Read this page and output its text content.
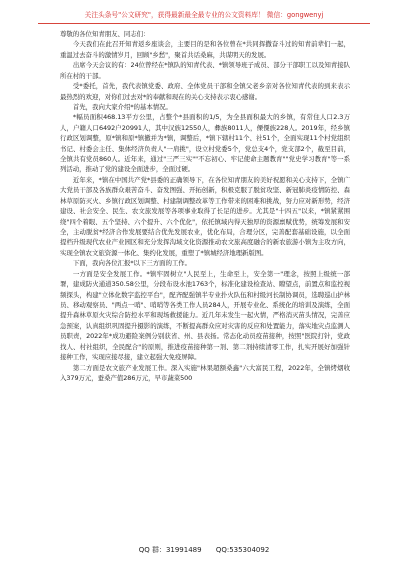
关注头条号"公文研究"，获得最新最全最专业的公文资料库！ 微信：gongwenyj

尊敬的各位知青朋友、同志们：

今天我们在此召开知青返乡座谈会，主要目的是和各位曾在*共同挥撒奋斗过的知青前辈们一起，重温过去奋斗的激情岁月，回顾"乡愁"，聚首共话桑麻，共谋明天的发展。

出席今天会议的有：24位曾经在*镇队的知青代表、*镇领导班子成员、部分干部职工以及知青接队所在村的干部。

受*委托，首先，我代表镇党委、政府、全体党员干部和全镇父老乡亲对各位知青代表的到来表示最热烈的欢迎，对你们过去对*的奉献和现在的关心支持表示衷心感谢。

首先，我向大家介绍*的基本情况。

*幅员面积468.13平方公里，占整个*县面积的1/5，为全县面积最大的乡镇，有常住人口2.3万人，户籍人口6492户20991人，其中汉族12550人，彝族8011人，傈僳族228人。2019年，经乡镇行政区划调整，原*镇和原*镇撤并为*镇，调整后，*镇下辖村11个、社51个，全面实现11个村党组织书记、村委会主任、集体经济负责人"一肩挑"，设立村党委5个，党总支4个，党支部2个，截至目前，全镇共有党员860人。近年来，通过"三严三实""不忘初心、牢记使命主题教育""党史学习教育"等一系列活动，推动了党的建设全面进步，全面过硬。

近年来，*镇在中国共产党*县委的正确领导下，在各位知青朋友的美好祝愿和关心支持下，全镇广大党员干部及各族群众艰苦奋斗、奋发图强、开拓创新，积极克服了脱贫攻坚、新冠肺炎疫情防控、森林草原防灭火、乡镇行政区划调整、村建制调整改革等工作带来的困难和挑战，努力应对新形势，经济建设、社会安全、民生、农文旅发展等各项事业取得了长足的进步。尤其是"十四五"以来，*镇紧紧围绕"四个着眼、五个坚持、六个提升、六个优化"，依托镇域内得天独厚的资源禀赋优势，统筹发展和安全，主动脱贫*经济合作发展要结合优先发展农业，优化布局，合理分区，完善配套基础设施，以全面提档升级现代农业产业园区和充分发挥沟域文化资源推动农文旅高度融合的新农旅游小镇为主攻方向，实现全镇农文旅资源一体化、集约化发展，重塑了*镇城经济地理新版图。

下面，我向各位汇报*以下三方面的工作。

一方面是安全发展工作。*镇牢固树立"人民至上，生命至上，安全第一"理念，按照上级统一部署，建成防火通道350.58公里，分段布设水池1763个，标准化建设检查站、瞭望点，前置点和监控视频探头，构建"立体化数字监控平台"，配齐配强镇半专业扑火队伍和村级河长制协调员，选聘巡山护林员、移动观察员、"两点一哨"、哨哨等各类工作人员284人，开展专业化、系统化的培训及演练，全面提升森林草原火灾综合防控水平和现场救援能力。近几年未发生一起火情，严格消灭苗头情况，完善应急预案，认真组织巩固提升摄影的演练，不断提高群众应对灾害的反应和处置能力，落实地灾点监测人员职责，2022年*成功避险案例分别获省、州、县表扬。常态化动员疫苗接种，按照"医院打针，党政找人、村社组织，全民配合"的原则，推进疫苗接种第一剂、第二剂持续清零工作，扎实开展好加强针接种工作，实现应接尽接，建立起强大免疫屏障。

第二方面是农文旅产业发展工作。深入实施"林果超额桑鑫"六大富民工程，2022年，全镇烤烟收入379万元，蚕桑产值286万元，早市蔬菜500

QQ 群：31991489 QQ:535304092
